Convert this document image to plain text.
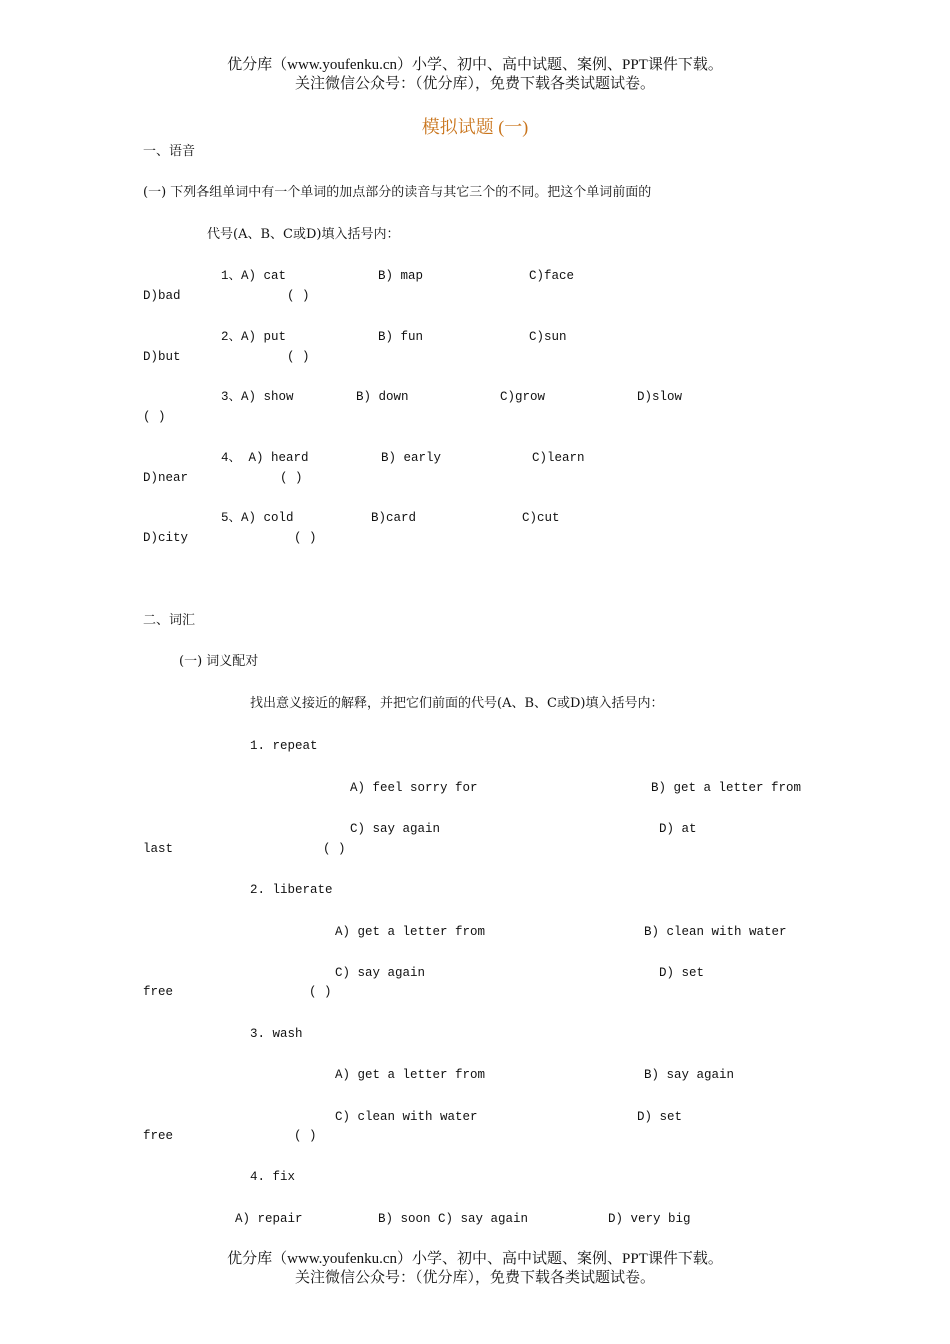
优分库（www.youfenku.cn）小学、初中、高中试题、案例、PPT课件下载。
关注微信公众号：（优分库），免费下载各类试题试卷。
模拟试题 (一)
一、语音
(一) 下列各组单词中有一个单词的加点部分的读音与其它三个的不同。把这个单词前面的
代号(A、B、C或D)填入括号内：
1、A) cat	B) map	C)face
D)bad	( )
2、A) put	B) fun	C)sun
D)but	( )
3、A) show	B) down	C)grow	D)slow
( )
4、 A) heard	B) early	C)learn
D)near	( )
5、A) cold	B)card	C)cut
D)city	( )
二、词汇
(一) 词义配对
找出意义接近的解释，并把它们前面的代号(A、B、C或D)填入括号内：
1. repeat
A) feel sorry for	B) get a letter from
C) say again	D) at
last	( )
2. liberate
A) get a letter from	B) clean with water
C) say again	D) set
free	( )
3. wash
A) get a letter from	B) say again
C) clean with water	D) set
free	( )
4. fix
A) repair	B) soon C) say again	D) very big
优分库（www.youfenku.cn）小学、初中、高中试题、案例、PPT课件下载。
关注微信公众号：（优分库），免费下载各类试题试卷。
